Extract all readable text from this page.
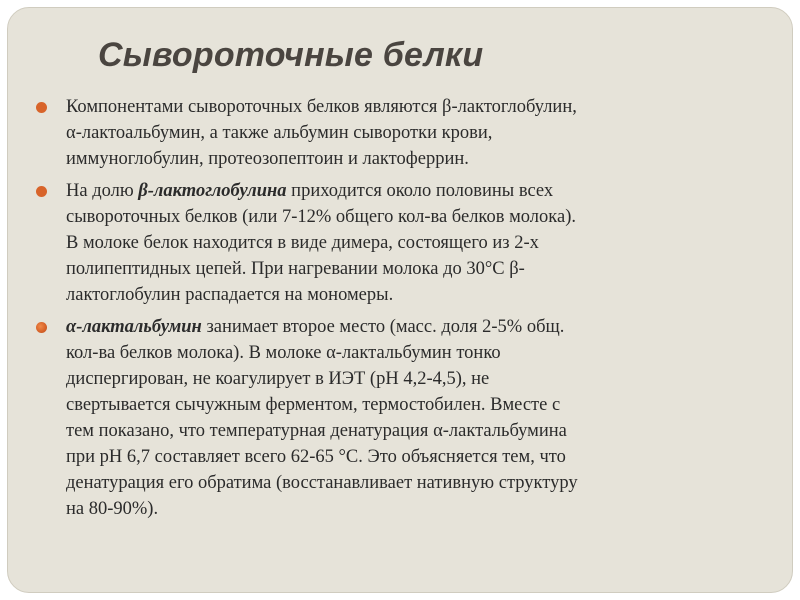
Сывороточные белки
Компонентами сывороточных белков являются β-лактоглобулин,
α-лактоальбумин, а также альбумин сыворотки крови,
иммуноглобулин, протеозопептоин и лактоферрин.
На долю β-лактоглобулина приходится около половины всех
сывороточных белков (или 7-12% общего кол-ва белков молока).
В молоке белок находится в виде димера, состоящего из 2-х
полипептидных цепей. При нагревании молока до 30°С β-
лактоглобулин распадается на мономеры.
α-лактальбумин занимает второе место (масс. доля 2-5% общ.
кол-ва белков молока). В молоке α-лактальбумин тонко
диспергирован, не коагулирует в ИЭТ (рН 4,2-4,5), не
свертывается сычужным ферментом, термостобилен. Вместе с
тем показано, что температурная денатурация α-лактальбумина
при рН 6,7 составляет всего 62-65 °С. Это объясняется тем, что
денатурация его обратима (восстанавливает нативную структуру
на 80-90%).
